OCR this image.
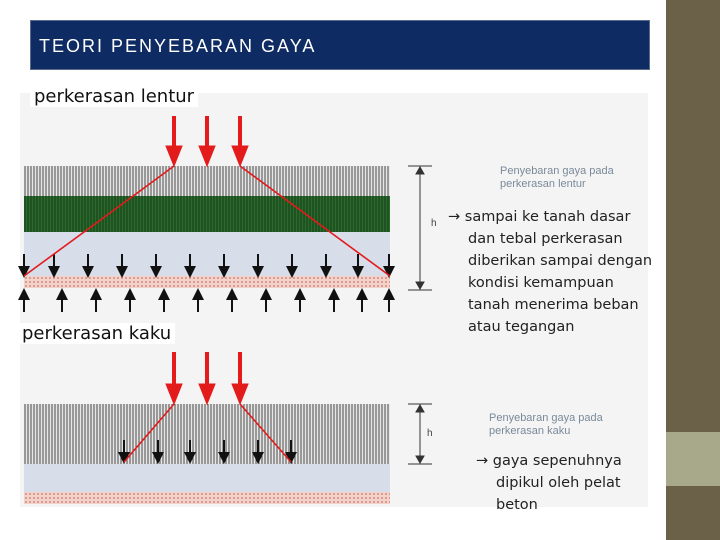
TEORI PENYEBARAN GAYA
h
h
Penyebaran gaya pada
perkerasan lentur
Penyebaran gaya pada
perkerasan kaku
perkerasan lentur
perkerasan kaku
→ sampai ke tanah dasar
dan tebal perkerasan
diberikan sampai dengan
kondisi kemampuan
tanah menerima beban
atau tegangan
→ gaya sepenuhnya
dipikul oleh pelat
beton
